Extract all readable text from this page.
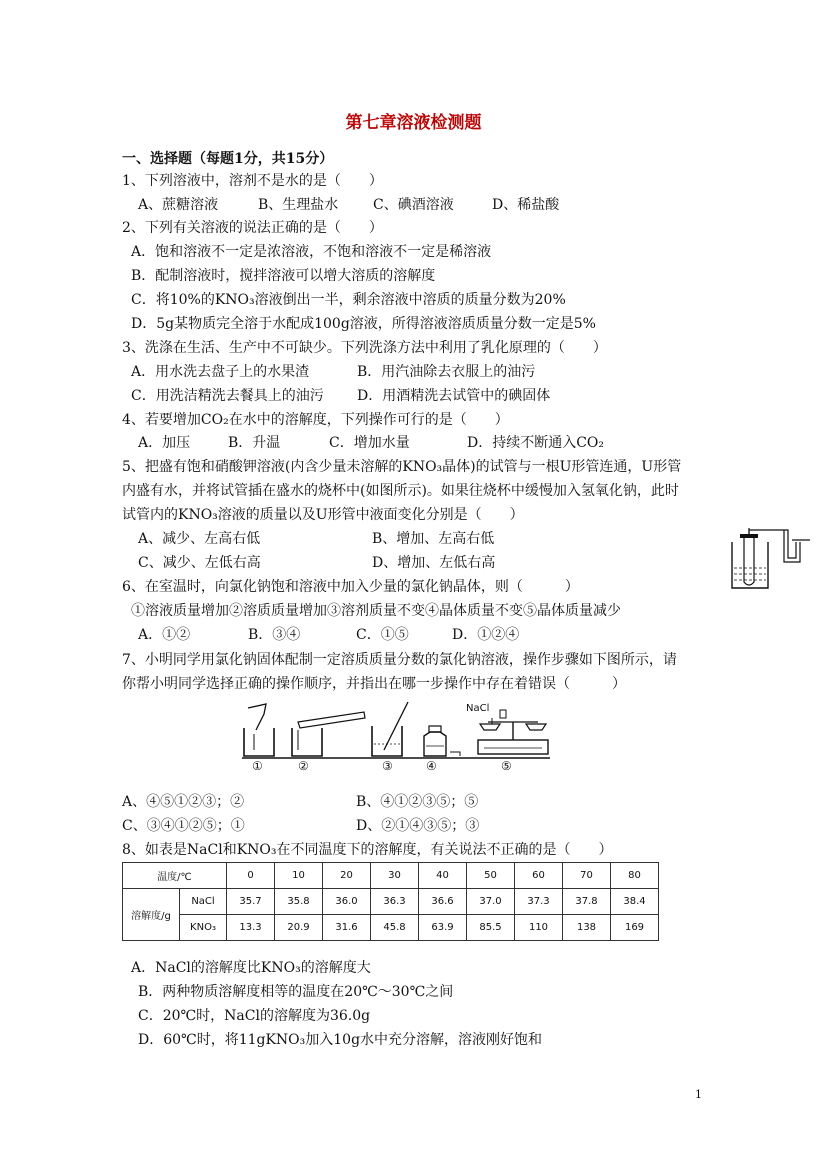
第七章溶液检测题
一、选择题（每题1分，共15分）
1、下列溶液中，溶剂不是水的是（　　）
A、蔗糖溶液	B、生理盐水 C、碘酒溶液	D、稀盐酸
2、下列有关溶液的说法正确的是（　　）
A．饱和溶液不一定是浓溶液，不饱和溶液不一定是稀溶液
B．配制溶液时，搅拌溶液可以增大溶质的溶解度
C．将10%的KNO₃溶液倒出一半，剩余溶液中溶质的质量分数为20%
D．5g某物质完全溶于水配成100g溶液，所得溶液溶质质量分数一定是5%
3、洗涤在生活、生产中不可缺少。下列洗涤方法中利用了乳化原理的（　　）
A．用水洗去盘子上的水果渣	B．用汽油除去衣服上的油污
C．用洗洁精洗去餐具上的油污 D．用酒精洗去试管中的碘固体
4、若要增加CO₂在水中的溶解度，下列操作可行的是（　　）
A．加压	B．升温	C．增加水量	D．持续不断通入CO₂
5、把盛有饱和硝酸钾溶液(内含少量未溶解的KNO₃晶体)的试管与一根U形管连通，U形管
内盛有水，并将试管插在盛水的烧杯中(如图所示)。如果往烧杯中缓慢加入氢氧化钠，此时
试管内的KNO₃溶液的质量以及U形管中液面变化分别是（　　）
A、减少、左高右低	B、增加、左高右低
C、减少、左低右高	D、增加、左低右高
6、在室温时，向氯化钠饱和溶液中加入少量的氯化钠晶体，则（　　　）
①溶液质量增加②溶质质量增加③溶剂质量不变④晶体质量不变⑤晶体质量减少
A．①②	B．③④	C．①⑤	D．①②④
7、小明同学用氯化钠固体配制一定溶质质量分数的氯化钠溶液，操作步骤如下图所示，请
你帮小明同学选择正确的操作顺序，并指出在哪一步操作中存在着错误（　　　）
NaCl
①	②	③	④	⑤
A、④⑤①②③；②	B、④①②③⑤；⑤
C、③④①②⑤；①	D、②①④③⑤；③
8、如表是NaCl和KNO₃在不同温度下的溶解度，有关说法不正确的是（　　）
温度/℃		0	10	20	30	40	50	60	70	80
溶解度/g	NaCl	35.7	35.8	36.0	36.3	36.6	37.0	37.3	37.8	38.4
	KNO₃	13.3	20.9	31.6	45.8	63.9	85.5	110	138	169
A．NaCl的溶解度比KNO₃的溶解度大
B．两种物质溶解度相等的温度在20℃～30℃之间
C．20℃时，NaCl的溶解度为36.0g
D．60℃时，将11gKNO₃加入10g水中充分溶解，溶液刚好饱和
1
